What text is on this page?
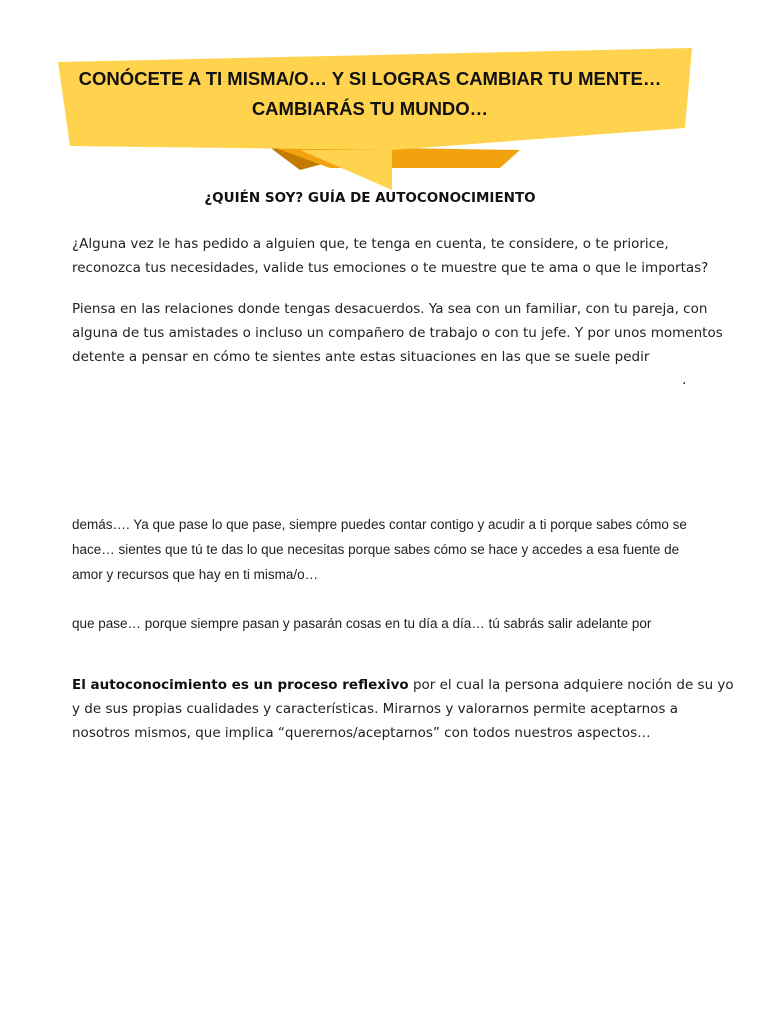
CONÓCETE A TI MISMA/O… Y SI LOGRAS CAMBIAR TU MENTE…
CAMBIARÁS TU MUNDO…
¿QUIÉN SOY? GUÍA DE AUTOCONOCIMIENTO
¿Alguna vez le has pedido a alguien que, te tenga en cuenta, te considere, o te priorice,
reconozca tus necesidades, valide tus emociones o te muestre que te ama o que le importas?
Piensa en las relaciones donde tengas desacuerdos. Ya sea con un familiar, con tu pareja, con
alguna de tus amistades o incluso un compañero de trabajo o con tu jefe. Y por unos momentos
detente a pensar en cómo te sientes ante estas situaciones en las que se suele pedir
.
demás…. Ya que pase lo que pase, siempre puedes contar contigo y acudir a ti porque sabes cómo se
hace… sientes que tú te das lo que necesitas porque sabes cómo se hace y accedes a esa fuente de
amor y recursos que hay en ti misma/o…
que pase… porque siempre pasan y pasarán cosas en tu día a día… tú sabrás salir adelante por
El autoconocimiento es un proceso reflexivo por el cual la persona adquiere noción de su yo
y de sus propias cualidades y características. Mirarnos y valorarnos permite aceptarnos a
nosotros mismos, que implica “querernos/aceptarnos” con todos nuestros aspectos…
